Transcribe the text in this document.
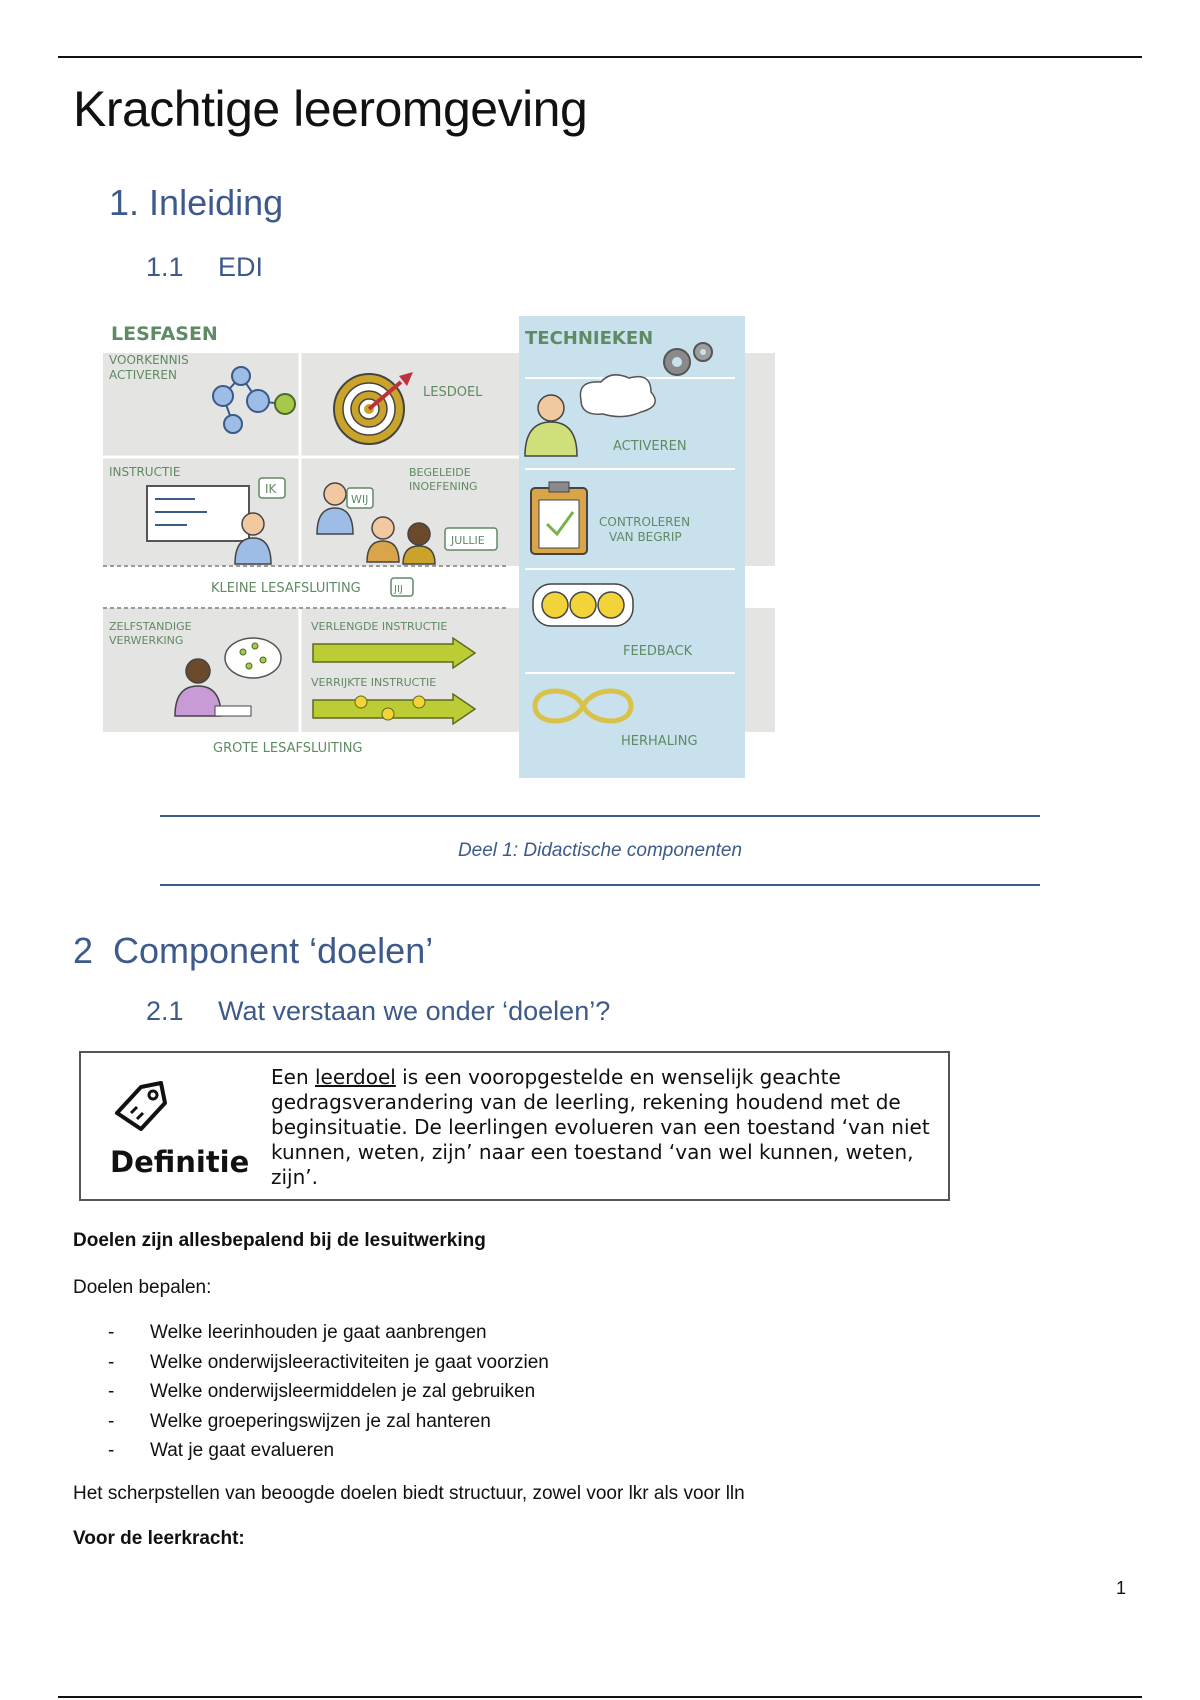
Krachtige leeromgeving
1. Inleiding
1.1 EDI
LESFASEN	TECHNIEKEN
VOORKENNIS
ACTIVEREN
LESDOEL
INSTRUCTIE
IK
BEGELEIDE
INOEFENING
WIJ
JULLIE
KLEINE LESAFSLUITING	JIJ
ZELFSTANDIGE
VERWERKING
VERLENGDE INSTRUCTIE
VERRIJKTE INSTRUCTIE
GROTE LESAFSLUITING
ACTIVEREN
CONTROLEREN
VAN BEGRIP
FEEDBACK
HERHALING
Deel 1: Didactische componenten
2 Component ‘doelen’
2.1 Wat verstaan we onder ‘doelen’?
Definitie
Een leerdoel is een vooropgestelde en wenselijk geachte gedragsverandering van de leerling, rekening houdend met de beginsituatie. De leerlingen evolueren van een toestand ‘van niet kunnen, weten, zijn’ naar een toestand ‘van wel kunnen, weten, zijn’.
Doelen zijn allesbepalend bij de lesuitwerking
Doelen bepalen:
- Welke leerinhouden je gaat aanbrengen
- Welke onderwijsleeractiviteiten je gaat voorzien
- Welke onderwijsleermiddelen je zal gebruiken
- Welke groeperingswijzen je zal hanteren
- Wat je gaat evalueren
Het scherpstellen van beoogde doelen biedt structuur, zowel voor lkr als voor lln
Voor de leerkracht:
1
